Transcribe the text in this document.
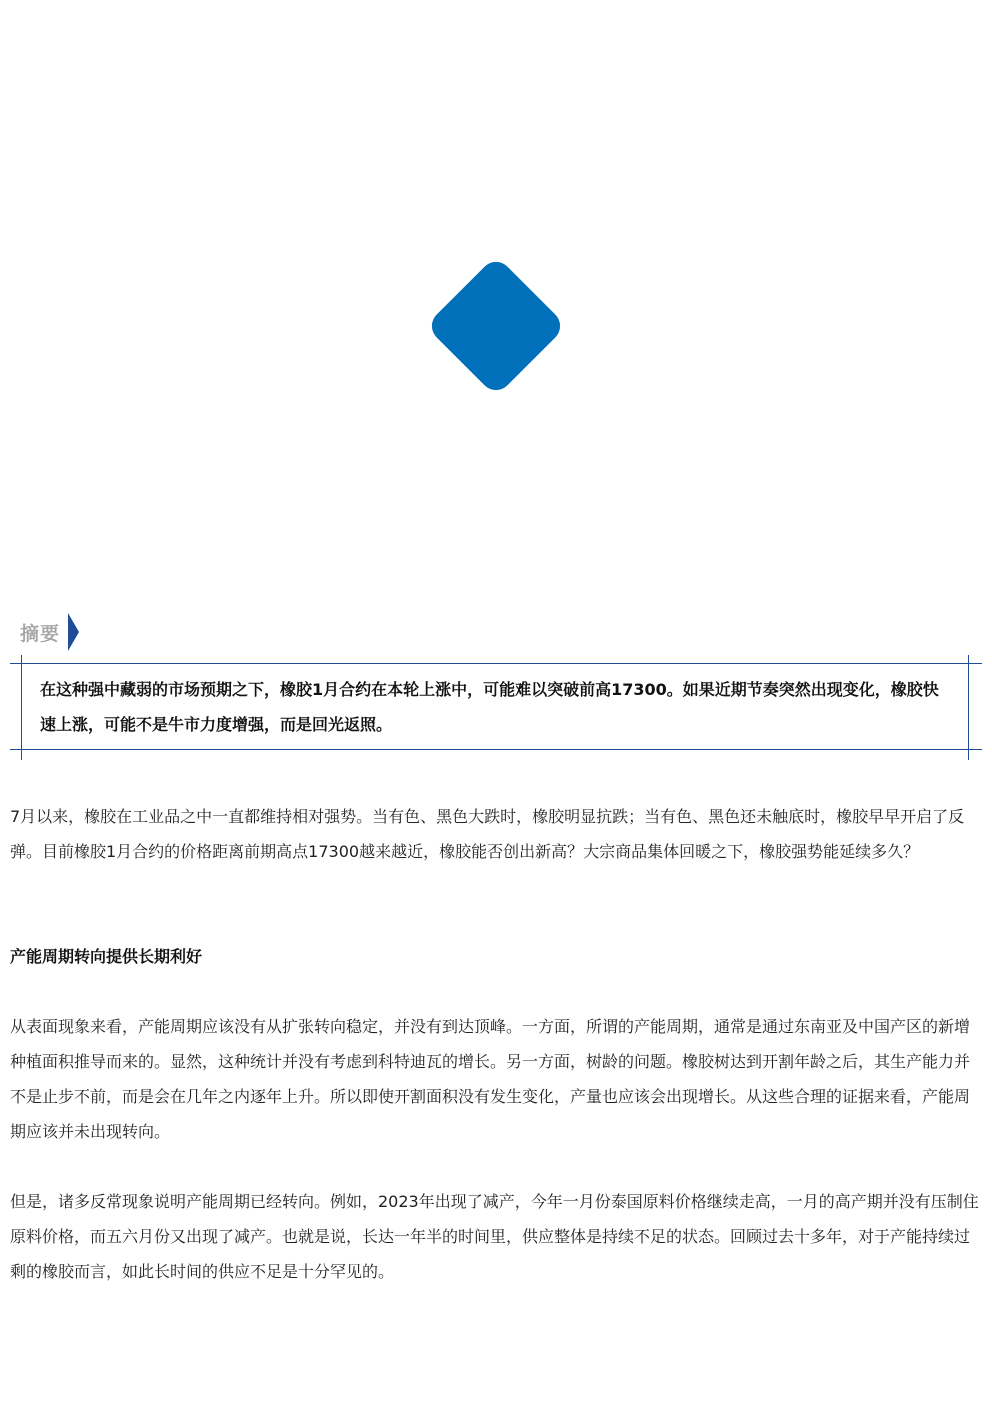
摘要
在这种强中藏弱的市场预期之下，橡胶1月合约在本轮上涨中，可能难以突破前高17300。如果近期节奏突然出现变化，橡胶快速上涨，可能不是牛市力度增强，而是回光返照。

7月以来，橡胶在工业品之中一直都维持相对强势。当有色、黑色大跌时，橡胶明显抗跌；当有色、黑色还未触底时，橡胶早早开启了反弹。目前橡胶1月合约的价格距离前期高点17300越来越近，橡胶能否创出新高？大宗商品集体回暖之下，橡胶强势能延续多久？

产能周期转向提供长期利好

从表面现象来看，产能周期应该没有从扩张转向稳定，并没有到达顶峰。一方面，所谓的产能周期，通常是通过东南亚及中国产区的新增种植面积推导而来的。显然，这种统计并没有考虑到科特迪瓦的增长。另一方面，树龄的问题。橡胶树达到开割年龄之后，其生产能力并不是止步不前，而是会在几年之内逐年上升。所以即使开割面积没有发生变化，产量也应该会出现增长。从这些合理的证据来看，产能周期应该并未出现转向。

但是，诸多反常现象说明产能周期已经转向。例如，2023年出现了减产，今年一月份泰国原料价格继续走高，一月的高产期并没有压制住原料价格，而五六月份又出现了减产。也就是说，长达一年半的时间里，供应整体是持续不足的状态。回顾过去十多年，对于产能持续过剩的橡胶而言，如此长时间的供应不足是十分罕见的。
